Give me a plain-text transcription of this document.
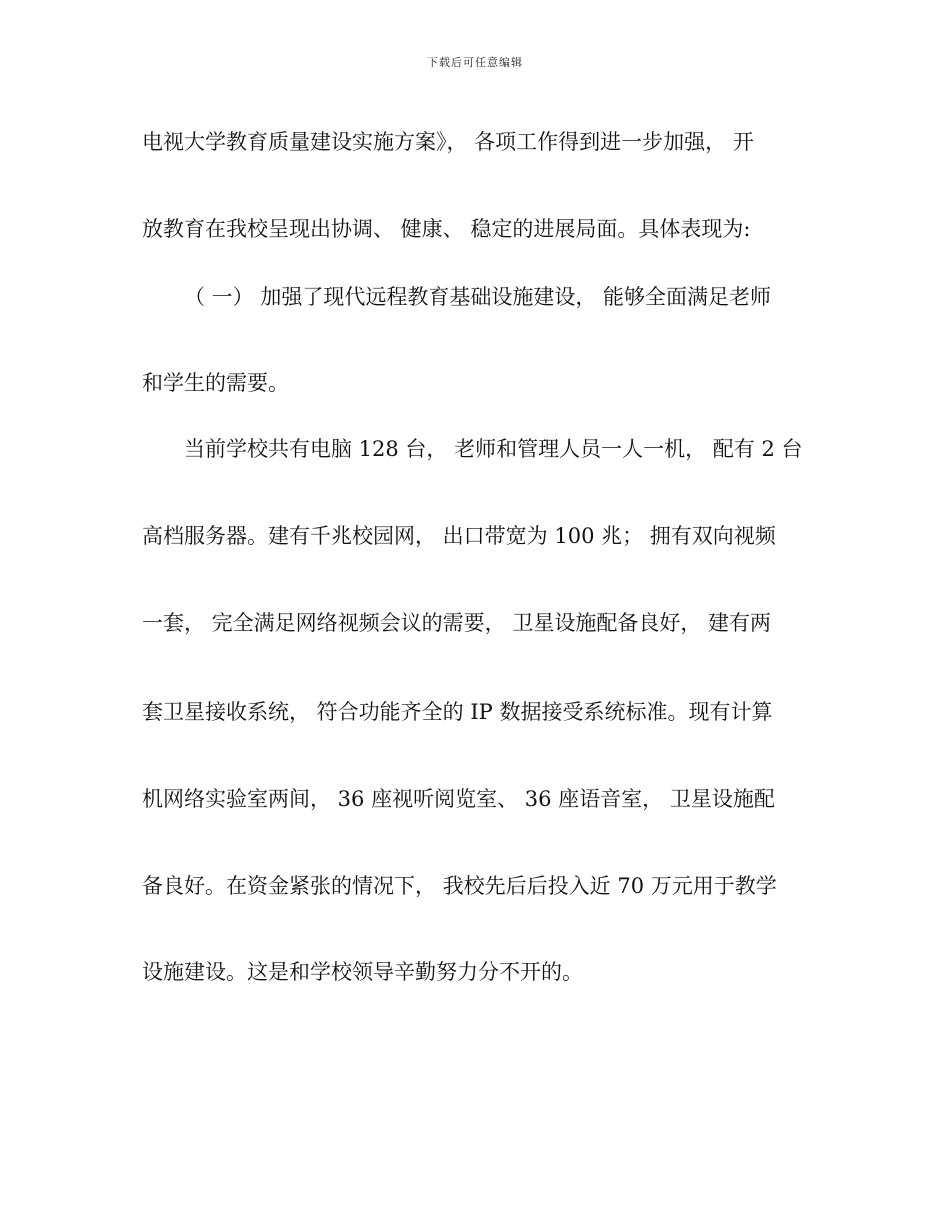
下载后可任意编辑
电视大学教育质量建设实施方案》， 各项工作得到进一步加强， 开
放教育在我校呈现出协调、 健康、 稳定的进展局面。具体表现为:
（ 一） 加强了现代远程教育基础设施建设， 能够全面满足老师
和学生的需要。
当前学校共有电脑 128 台， 老师和管理人员一人一机， 配有 2 台
高档服务器。建有千兆校园网， 出口带宽为 100 兆； 拥有双向视频
一套， 完全满足网络视频会议的需要， 卫星设施配备良好， 建有两
套卫星接收系统， 符合功能齐全的 IP 数据接受系统标准。现有计算
机网络实验室两间， 36 座视听阅览室、 36 座语音室， 卫星设施配
备良好。在资金紧张的情况下， 我校先后后投入近 70 万元用于教学
设施建设。这是和学校领导辛勤努力分不开的。
